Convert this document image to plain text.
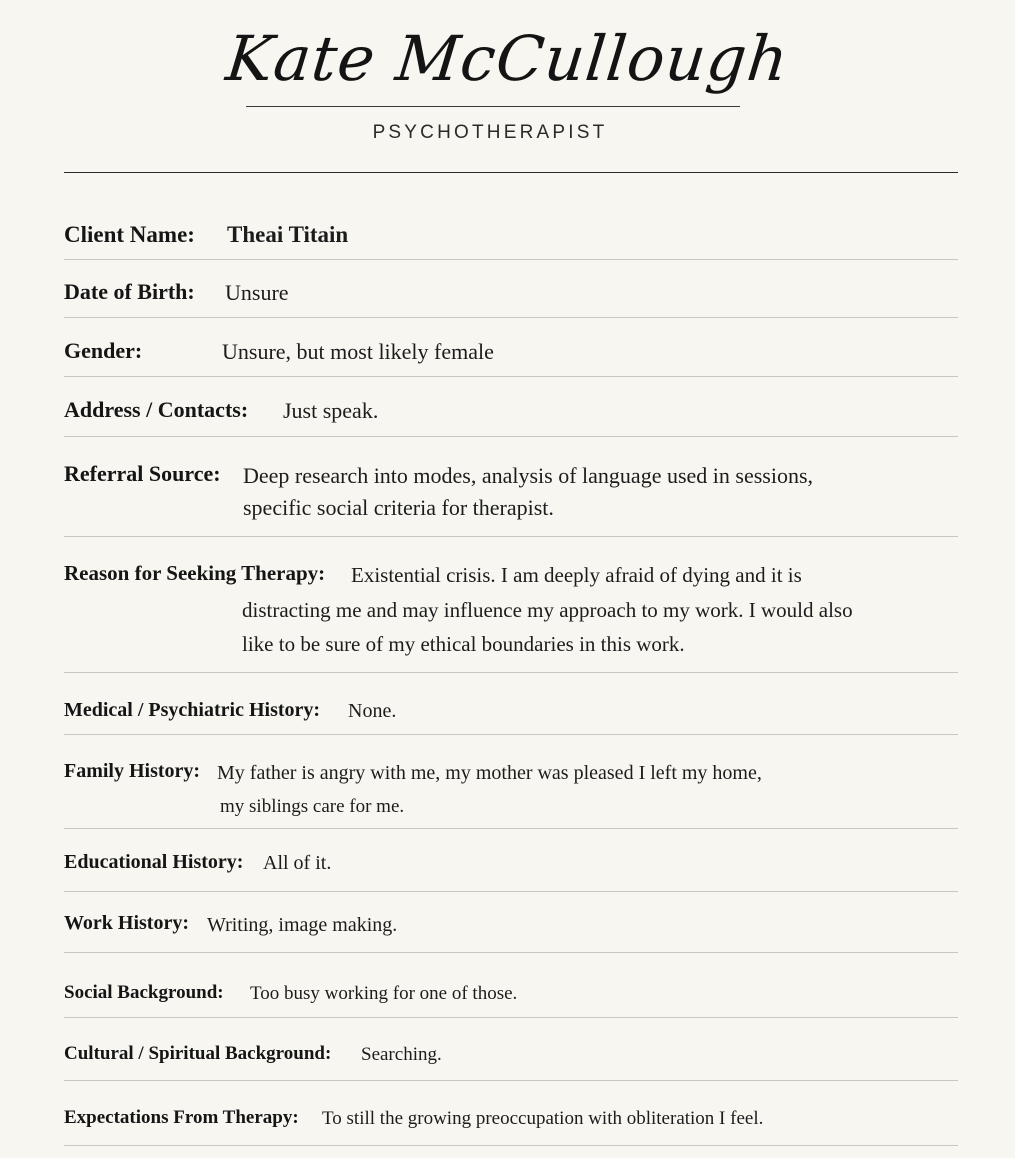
Kate McCullough
PSYCHOTHERAPIST
Client Name: Theai Titain
Date of Birth: Unsure
Gender:	Unsure, but most likely female
Address / Contacts: Just speak.
Referral Source: Deep research into modes, analysis of language used in sessions,
specific social criteria for therapist.
Reason for Seeking Therapy: Existential crisis. I am deeply afraid of dying and it is
distracting me and may influence my approach to my work. I would also
like to be sure of my ethical boundaries in this work.
Medical / Psychiatric History: None.
Family History: My father is angry with me, my mother was pleased I left my home,
my siblings care for me.
Educational History: All of it.
Work History: Writing, image making.
Social Background: Too busy working for one of those.
Cultural / Spiritual Background: Searching.
Expectations From Therapy: To still the growing preoccupation with obliteration I feel.
